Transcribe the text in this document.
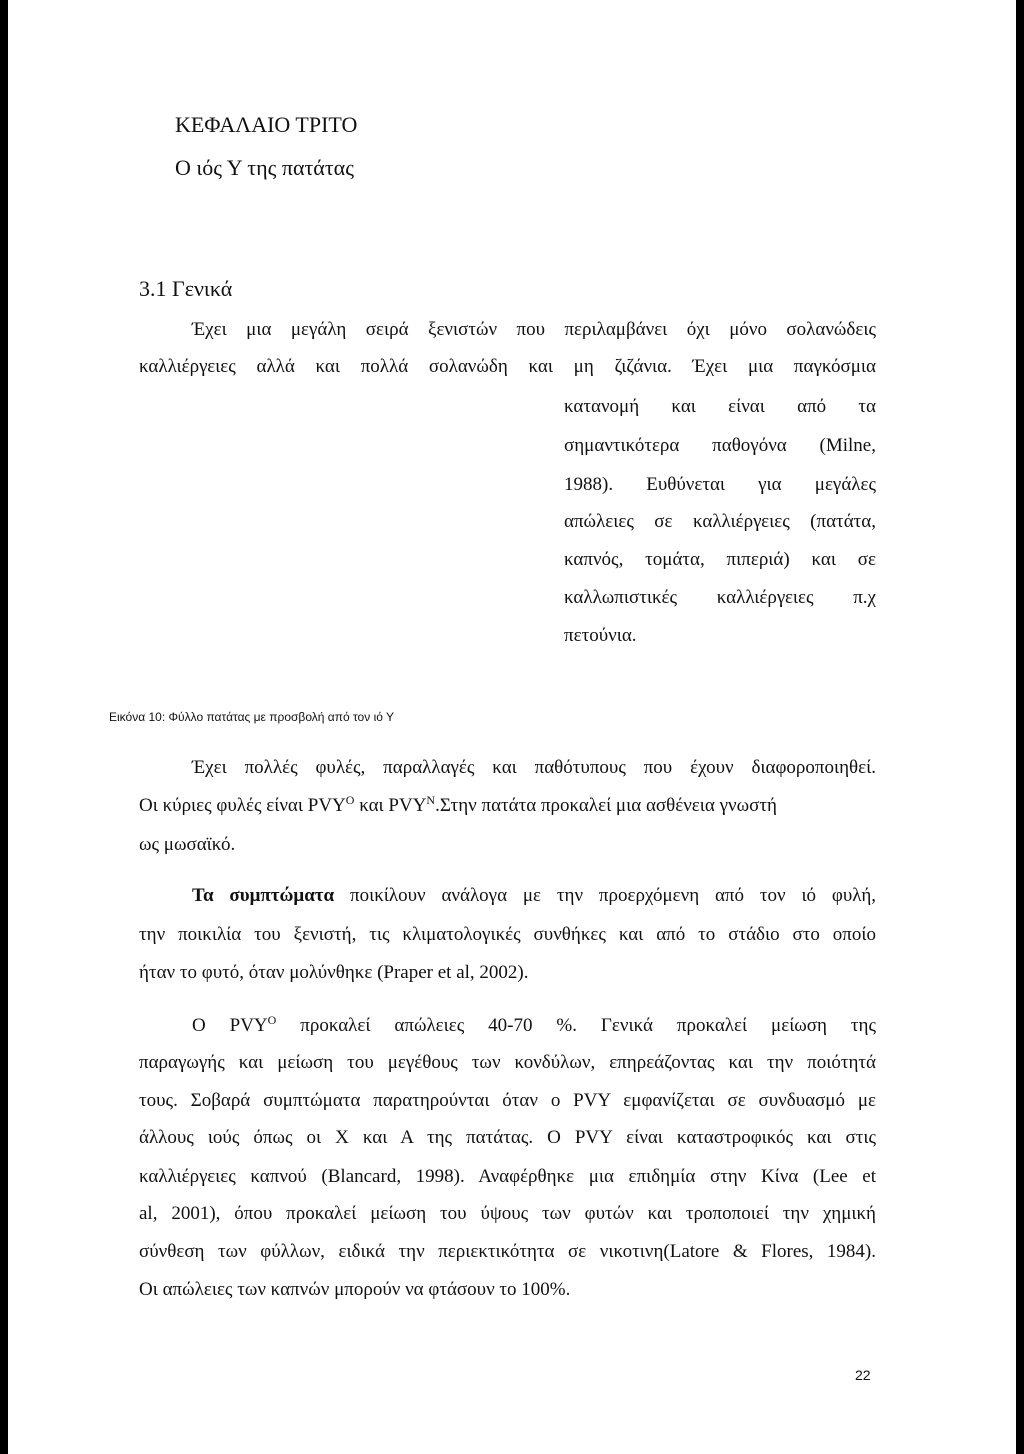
ΚΕΦΑΛΑΙΟ ΤΡΙΤΟ
Ο ιός Υ της πατάτας
3.1 Γενικά
Έχει μια μεγάλη σειρά ξενιστών που περιλαμβάνει όχι μόνο σολανώδεις
καλλιέργειες αλλά και πολλά σολανώδη και μη ζιζάνια. Έχει μια παγκόσμια
κατανομή και είναι από τα
σημαντικότερα παθογόνα (Milne,
1988). Ευθύνεται για μεγάλες
απώλειες σε καλλιέργειες (πατάτα,
καπνός, τομάτα, πιπεριά) και σε
καλλωπιστικές καλλιέργειες π.χ
πετούνια.
Εικόνα 10: Φύλλο πατάτας με προσβολή από τον ιό Υ
Έχει πολλές φυλές, παραλλαγές και παθότυπους που έχουν διαφοροποιηθεί.
Οι κύριες φυλές είναι $PVY^O$ και $PVY^N.\Sigma\tau\eta\nu$ πατάτα προκαλεί μια ασθένεια γνωστή
ως μωσαϊκό.
Τα συμπτώματα ποικίλουν ανάλογα με την προερχόμενη από τον ιό φυλή,
την ποικιλία του ξενιστή, τις κλιματολογικές συνθήκες και από το στάδιο στο οποίο
ήταν το φυτό, όταν μολύνθηκε (Praper et al, 2002).
Ο $PVY^O$ προκαλεί απώλειες 40-70 %. Γενικά προκαλεί μείωση της
παραγωγής και μείωση του μεγέθους των κονδύλων, επηρεάζοντας και την ποιότητά
τους. Σοβαρά συμπτώματα παρατηρούνται όταν ο PVY εμφανίζεται σε συνδυασμό με
άλλους ιούς όπως οι Χ και Α της πατάτας. Ο PVY είναι καταστροφικός και στις
καλλιέργειες καπνού (Blancard, 1998). Αναφέρθηκε μια επιδημία στην Κίνα (Lee et
al, 2001), όπου προκαλεί μείωση του ύψους των φυτών και τροποποιεί την χημική
σύνθεση των φύλλων, ειδικά την περιεκτικότητα σε νικοτινη(Latore & Flores, 1984).
Οι απώλειες των καπνών μπορούν να φτάσουν το 100%.
22
